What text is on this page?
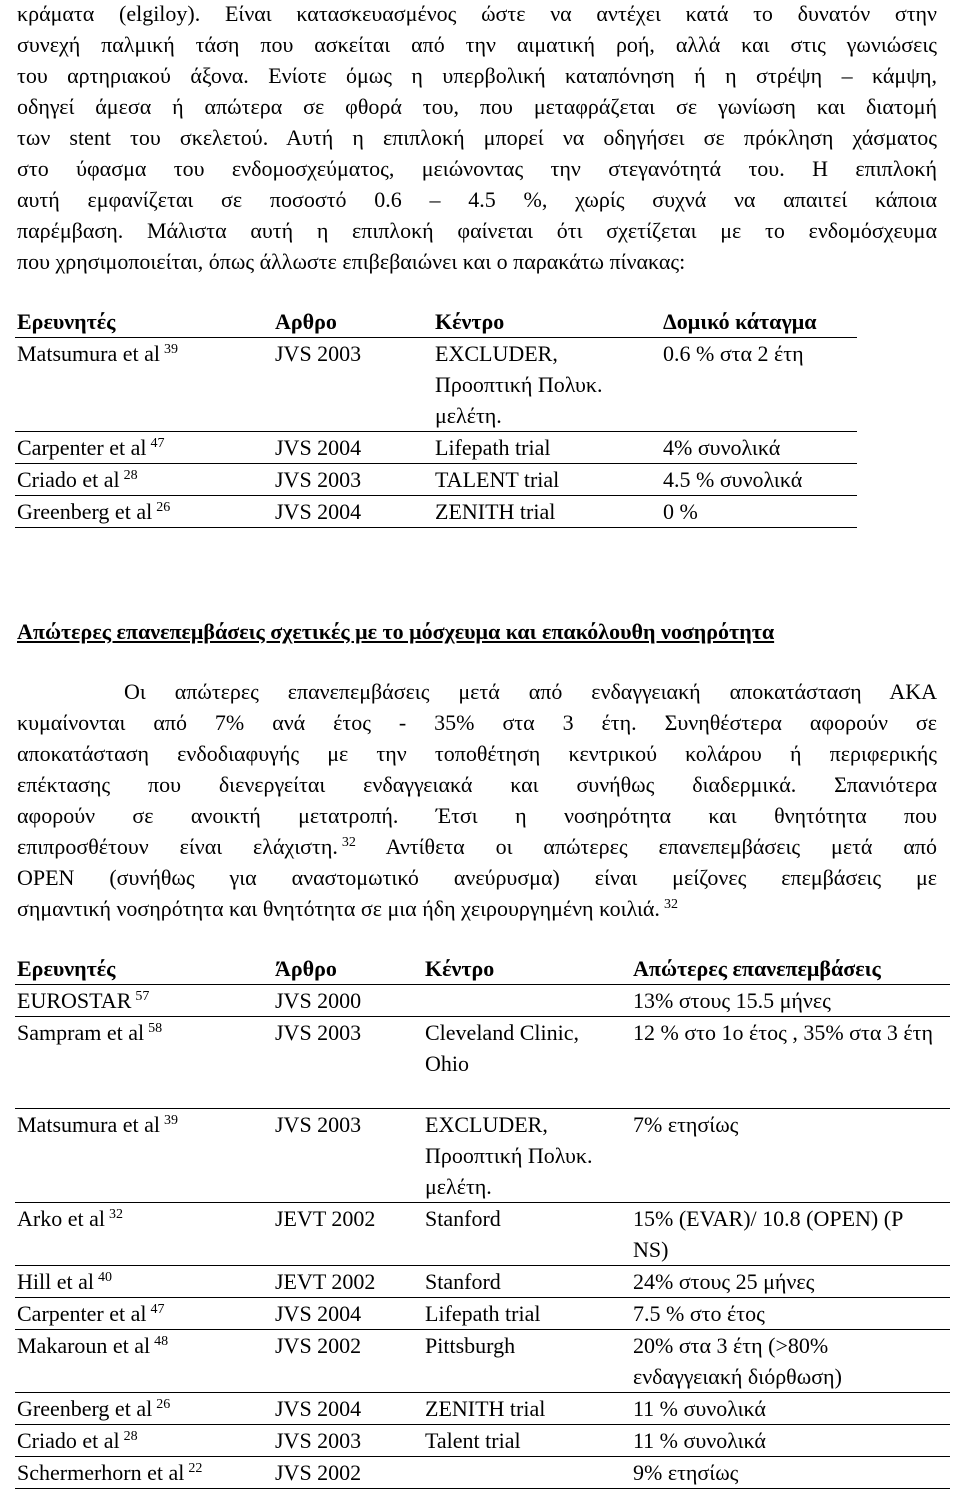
κράματα (elgiloy). Είναι κατασκευασμένος ώστε να αντέχει κατά το δυνατόν στην
συνεχή παλμική τάση που ασκείται από την αιματική ροή, αλλά και στις γωνιώσεις
του αρτηριακού άξονα. Ενίοτε όμως η υπερβολική καταπόνηση ή η στρέψη – κάμψη,
οδηγεί άμεσα ή απώτερα σε φθορά του, που μεταφράζεται σε γωνίωση και διατομή
των stent του σκελετού. Αυτή η επιπλοκή μπορεί να οδηγήσει σε πρόκληση χάσματος
στο ύφασμα του ενδομοσχεύματος, μειώνοντας την στεγανότητά του. Η επιπλοκή
αυτή εμφανίζεται σε ποσοστό 0.6 – 4.5 %, χωρίς συχνά να απαιτεί κάποια
παρέμβαση. Μάλιστα αυτή η επιπλοκή φαίνεται ότι σχετίζεται με το ενδομόσχευμα
που χρησιμοποιείται, όπως άλλωστε επιβεβαιώνει και ο παρακάτω πίνακας:
Ερευνητές	Αρθρο	Κέντρο	Δομικό κάταγμα
Matsumura et al $^{39}$	JVS 2003	EXCLUDER, Προοπτική Πολυκ. μελέτη.	0.6 % στα 2 έτη
Carpenter et al $^{47}$	JVS 2004	Lifepath trial	4% συνολικά
Criado et al $^{28}$	JVS 2003	TALENT trial	4.5 % συνολικά
Greenberg et al $^{26}$	JVS 2004	ZENITH trial	0 %
Απώτερες επανεπεμβάσεις σχετικές με το μόσχευμα και επακόλουθη νοσηρότητα
Οι απώτερες επανεπεμβάσεις μετά από ενδαγγειακή αποκατάσταση ΑΚΑ
κυμαίνονται από 7% ανά έτος - 35% στα 3 έτη. Συνηθέστερα αφορούν σε
αποκατάσταση ενδοδιαφυγής με την τοποθέτηση κεντρικού κολάρου ή περιφερικής
επέκτασης που διενεργείται ενδαγγειακά και συνήθως διαδερμικά. Σπανιότερα
αφορούν σε ανοικτή μετατροπή. Έτσι η νοσηρότητα και θνητότητα που
επιπροσθέτουν είναι ελάχιστη. $^{32}$ Αντίθετα οι απώτερες επανεπεμβάσεις μετά από
OPEN (συνήθως για αναστομωτικό ανεύρυσμα) είναι μείζονες επεμβάσεις με
σημαντική νοσηρότητα και θνητότητα σε μια ήδη χειρουργημένη κοιλιά. $^{32}$
Ερευνητές	Άρθρο	Κέντρο	Απώτερες επανεπεμβάσεις
EUROSTAR $^{57}$	JVS 2000		13% στους 15.5 μήνες
Sampram et al $^{58}$	JVS 2003	Cleveland Clinic, Ohio	12 % στο 1ο έτος , 35% στα 3 έτη
Matsumura et al $^{39}$	JVS 2003	EXCLUDER, Προοπτική Πολυκ. μελέτη.	7% ετησίως
Arko et al $^{32}$	JEVT 2002	Stanford	15% (EVAR)/ 10.8 (OPEN) (P NS)
Hill et al $^{40}$	JEVT 2002	Stanford	24% στους 25 μήνες
Carpenter et al $^{47}$	JVS 2004	Lifepath trial	7.5 % στο έτος
Makaroun et al $^{48}$	JVS 2002	Pittsburgh	20% στα 3 έτη (>80% ενδαγγειακή διόρθωση)
Greenberg et al $^{26}$	JVS 2004	ZENITH trial	11 % συνολικά
Criado et al $^{28}$	JVS 2003	Talent trial	11 % συνολικά
Schermerhorn et al $^{22}$	JVS 2002		9% ετησίως
